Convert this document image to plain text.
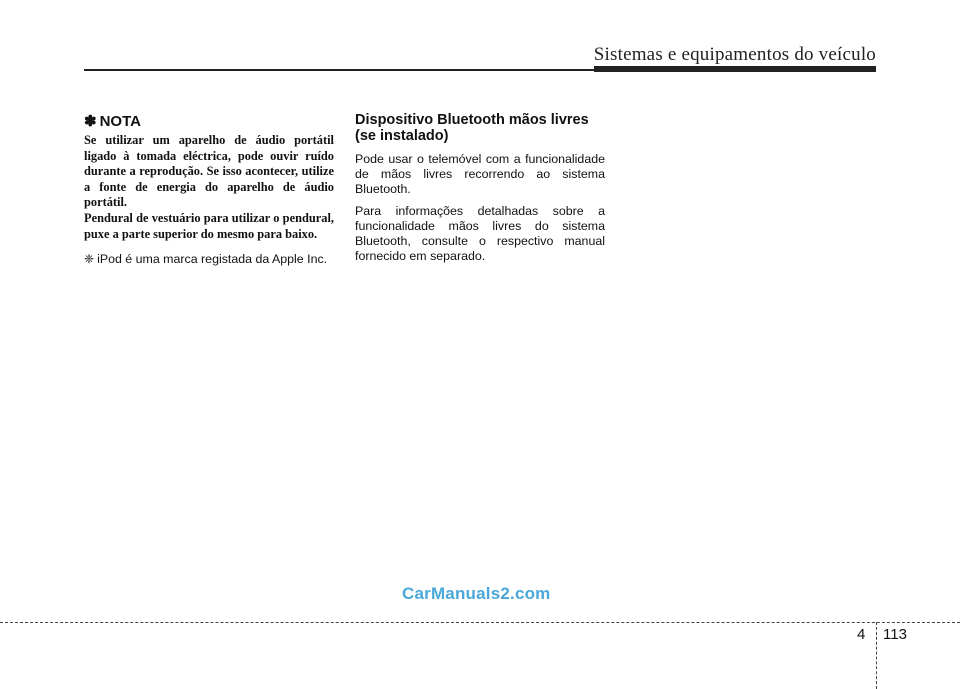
Sistemas e equipamentos do veículo
✽ NOTA

Se utilizar um aparelho de áudio portátil ligado à tomada eléctrica, pode ouvir ruído durante a reprodução. Se isso acontecer, utilize a fonte de energia do aparelho de áudio portátil.

Pendural de vestuário para utilizar o pendural, puxe a parte superior do mesmo para baixo.

❈ iPod é uma marca registada da Apple Inc.
Dispositivo Bluetooth mãos livres (se instalado)

Pode usar o telemóvel com a funcionalidade de mãos livres recorrendo ao sistema Bluetooth.

Para informações detalhadas sobre a funcionalidade mãos livres do sistema Bluetooth, consulte o respectivo manual fornecido em separado.

CarManuals2.com
4 113
